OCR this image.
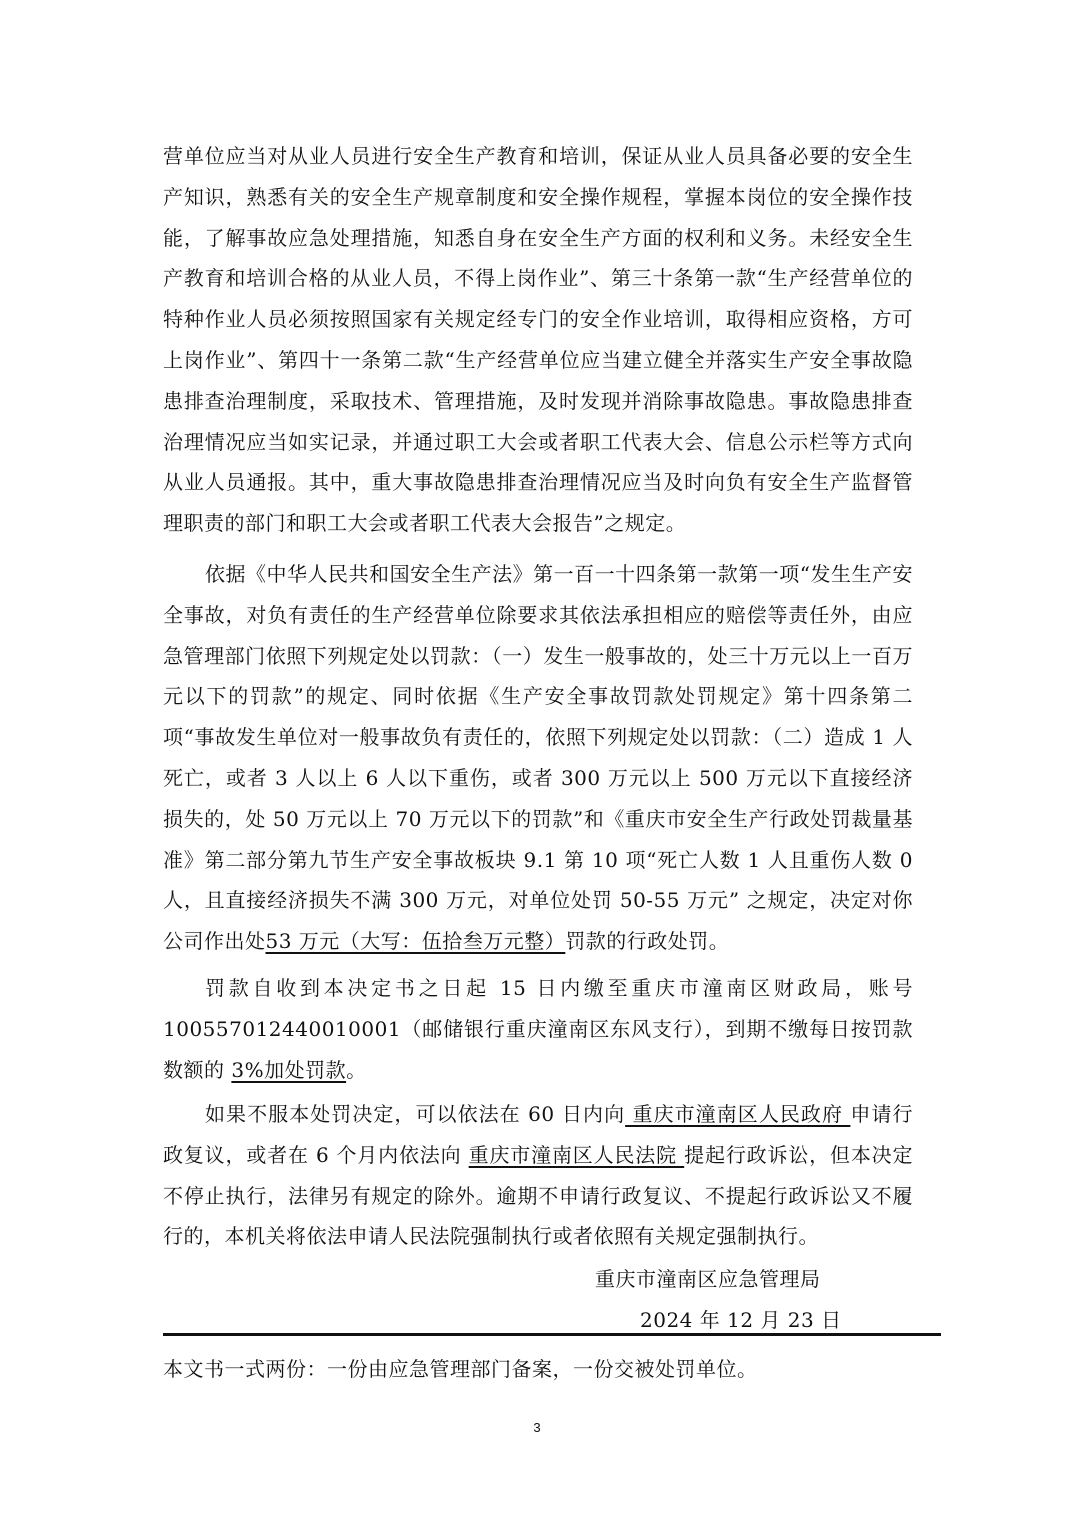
营单位应当对从业人员进行安全生产教育和培训，保证从业人员具备必要的安全生产知识，熟悉有关的安全生产规章制度和安全操作规程，掌握本岗位的安全操作技能，了解事故应急处理措施，知悉自身在安全生产方面的权利和义务。未经安全生产教育和培训合格的从业人员，不得上岗作业”、第三十条第一款“生产经营单位的特种作业人员必须按照国家有关规定经专门的安全作业培训，取得相应资格，方可上岗作业”、第四十一条第二款“生产经营单位应当建立健全并落实生产安全事故隐患排查治理制度，采取技术、管理措施，及时发现并消除事故隐患。事故隐患排查治理情况应当如实记录，并通过职工大会或者职工代表大会、信息公示栏等方式向从业人员通报。其中，重大事故隐患排查治理情况应当及时向负有安全生产监督管理职责的部门和职工大会或者职工代表大会报告”之规定。

依据《中华人民共和国安全生产法》第一百一十四条第一款第一项“发生生产安全事故，对负有责任的生产经营单位除要求其依法承担相应的赔偿等责任外，由应急管理部门依照下列规定处以罚款：（一）发生一般事故的，处三十万元以上一百万元以下的罚款”的规定、同时依据《生产安全事故罚款处罚规定》第十四条第二项“事故发生单位对一般事故负有责任的，依照下列规定处以罚款：（二）造成 1 人死亡，或者 3 人以上 6 人以下重伤，或者 300 万元以上 500 万元以下直接经济损失的，处 50 万元以上 70 万元以下的罚款”和《重庆市安全生产行政处罚裁量基准》第二部分第九节生产安全事故板块 9.1 第 10 项“死亡人数 1 人且重伤人数 0 人，且直接经济损失不满 300 万元，对单位处罚 50-55 万元” 之规定，决定对你公司作出处53 万元（大写：伍拾叁万元整）罚款的行政处罚。

罚款自收到本决定书之日起 15 日内缴至重庆市潼南区财政局，账号100557012440010001（邮储银行重庆潼南区东风支行），到期不缴每日按罚款数额的 3%加处罚款。

如果不服本处罚决定，可以依法在 60 日内向 重庆市潼南区人民政府 申请行政复议，或者在 6 个月内依法向 重庆市潼南区人民法院 提起行政诉讼，但本决定不停止执行，法律另有规定的除外。逾期不申请行政复议、不提起行政诉讼又不履行的，本机关将依法申请人民法院强制执行或者依照有关规定强制执行。

重庆市潼南区应急管理局
2024 年 12 月 23 日
本文书一式两份：一份由应急管理部门备案，一份交被处罚单位。
3
